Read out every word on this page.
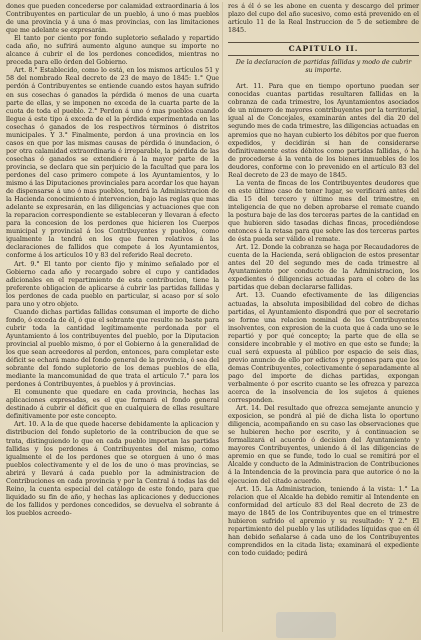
dones que pueden concederse por calamidad extraordinaria á los Contribuyentes en particular de un pueblo, á uno ó mas pueblos de una provincia y á una ó mas provincias, con las limitaciones que me adelante se expresarán.

El tanto por ciento por fondo supletorio señalado y repartido cada año, no sufrirá aumento alguno aunque su importe no alcance á cubrir el de los perdones concedidos, mientras no preceda para ello órden del Gobierno.

Art. 8.° Establecido, como lo está, en los mismos artículos 51 y 58 del nombrado Real decreto de 23 de mayo de 1845: 1.° Que perdón á Contribuyentes se entiende cuando estos hayan sufrido en sus cosechas ó ganados la pérdida ó menos de una cuarta parte de ellas, y se imponen no exceda de la cuarta parte de la cuota de toda el pueblo. 2.° Perdon á uno ó mas pueblos cuando llegue á este tipo á exceda de el la pérdida experimentada en las cosechas ó ganados de los respectivos términos ó distritos municipales. Y 3.° Finalmente, perdon á una provincia en los casos en que por las mismas causas de pérdida ó inundacion, ó por otra calamidad extraordinaria é irreparable, la pérdida de las cosechas ó ganados se extendiere á la mayor parte de la provincia, se declara que sin perjuicio de la facultad que para los perdones del caso primero compete á los Ayuntamientos, y lo mismo á las Diputaciones provinciales para acordar los que hayan de dispensarse á uno ó mas pueblos, tendrá la Administracion de la Hacienda conocimiento é intervencion, bajo las reglas que mas adelante se expresarán, en las diligencias y actuaciones que con la reparacion correspondiente se estableceran y llevaran á efecto para la concesion de los perdones que hicieren los Cuerpos municipal y provincial á los Contribuyentes y pueblos, como igualmente la tendrá en los que fueren relativos á las declaraciones de fallidos que compete á los Ayuntamientos, conforme á los artículos 10 y 83 del referido Real decreto.

Art. 9.° El tanto por ciento fijo y mínimo señalado por el Gobierno cada año y recargado sobre el cupo y cantidades adicionales en el repartimiento de esta contribucion, tiene la preferente obligacion de aplicarse á cubrir las partidas fallidas y los perdones de cada pueblo en particular, si acaso por sí solo para uno y otro objeto.

Cuando dichas partidas fallidas consuman el importe de dicho fondo, ó exceda de él, ó que el sobrante que resulte no baste para cubrir toda la cantidad legítimamente perdonada por el Ayuntamiento á los contribuyentes del pueblo, por la Diputacion provincial al pueblo mismo, ó por el Gobierno á la generalidad de los que sean acreedores al perdon, entonces, para completar este déficit se echará mano del fondo general de la provincia, ó sea del sobrante del fondo supletorio de los demas pueblos de ella, mediante la mancomunidad de que trata el artículo 7.° para los perdones á Contribuyentes, á pueblos y á provincias.

El comunente que quedare en cada provincia, hechas las aplicaciones expresadas, es el que formará el fondo general destinado á cubrir el déficit que en cualquiera de ellas resultare definitivamente por este concepto.

Art. 10. A la de que quede hacerse debidamente la aplicacion y distribucion del fondo supletorio de la contribucion de que se trata, distinguiendo lo que en cada pueblo importan las partidas fallidas y los perdones á Contribuyentes del mismo, como igualmente el de los perdones que se otorguen á uno ó mas pueblos colectivamente y el de los de uno ó mas provincias, se abrirá y llevará á cada pueblo por la administracion de Contribuciones en cada provincia y por la Central á todas las del Reino, la cuenta especial del catálogo de este fondo, para que liquidado su fin de año, y hechas las aplicaciones y deducciones de los fallidos y perdones concedidos, se devuelva el sobrante á los pueblos acreedo-

res á él ó se les abone en cuenta y descargo del primer plazo del cupo del año sucesivo, como está prevenido en el artículo 11 de la Real Instruccion de 5 de setiembre de 1845.

CAPITULO II.
De la declaracion de partidas fallidas y modo de cubrir su importe.

Art. 11. Para que en tiempo oportuno puedan ser conocidas cuantas partidas resultaren fallidas en la cobranza de cada trimestre, los Ayuntamientos asociados de un número de mayores contribuyentes por la territorial, igual al de Concejales, examinarán antes del dia 20 del segundo mes de cada trimestre, las diligencias actuadas en apremios que no hayan cubierto los débitos por que fueron expedidos, y decidirán si han de considerarse definitivamente estos débitos como partidas fallidas, ó ha de procederse á la venta de los bienes inmuebles de los deudores, conforme con lo prevenido en el artículo 83 del Real decreto de 23 de mayo de 1845.

La venta de fincas de los Contribuyentes deudores que en este último caso de tener lugar, se verificará antes del dia 15 del tercero y último mes del trimestre, en inteligencia de que no deben aprobarse el remate cuando la postura baje de las dos terceras partes de la cantidad en que hubieren sido tasadas dichas fincas, procediéndose entonces á la retasa para que sobre las dos terceras partes de ésta pueda ser válido el remate.

Art. 12. Donde la cobranza se haga por Recaudadores de cuenta de la Hacienda, será obligacion de estos presentar antes del 20 del segundo mes de cada trimestre al Ayuntamiento por conducto de la Administracion, los expedientes ó diligencias actuadas para el cobro de las partidas que deban declararse fallidas.

Art. 13. Cuando efectivamente de las diligencias actuadas, la absoluta imposibilidad del cobro de dichas partidas, el Ayuntamiento dispondrá que por el secretario se forme una relacion nominal de los Contribuyentes insolventes, con expresion de la cuota que á cada uno se le repartió y por qué concepto; la parte que de ella se considere incobrable y el motivo en que esto se funde; la cual será expuesta al público por espacio de seis dias, previo anuncio de ello por edictos y pregones para que los demas Contribuyentes, colectivamente ó separadamente al pago del importe de dichas partidas, expongan verbalmente ó por escrito cuanto se les ofrezca y parezca acerca de la insolvencia de los sujetos á quienes corresponden.

Art. 14. Del resultado que ofrezca semejante anuncio y exposicion, se pondrá al pié de dicha lista lo oportuno diligencia, acompañando en su caso las observaciones que se hubieren hecho por escrito, y á continuacion se formalizará el acuerdo ó decision del Ayuntamiento y mayores Contribuyentes, uniendo á él las diligencias de apremio en que se funde, todo lo cual se remitirá por el Alcalde y conducto de la Administracion de Contribuciones á la Intendencia de la provincia para que autorice ó no la ejecucion del citado acuerdo.

Art. 15. La Administracion, teniendo á la vista: 1.° La relacion que el Alcalde ha debido remitir al Intendente en conformidad del artículo 83 del Real decreto de 23 de mayo de 1845 de los Contribuyentes que en el trimestre hubieron sufrido el apremio y su resultado: Y 2.° El repartimiento del pueblo y las utilidades líquidas que en él han debido señalarse á cada uno de los Contribuyentes comprendidos en la citada lista; examinará el expediente con todo cuidado; pedirá
